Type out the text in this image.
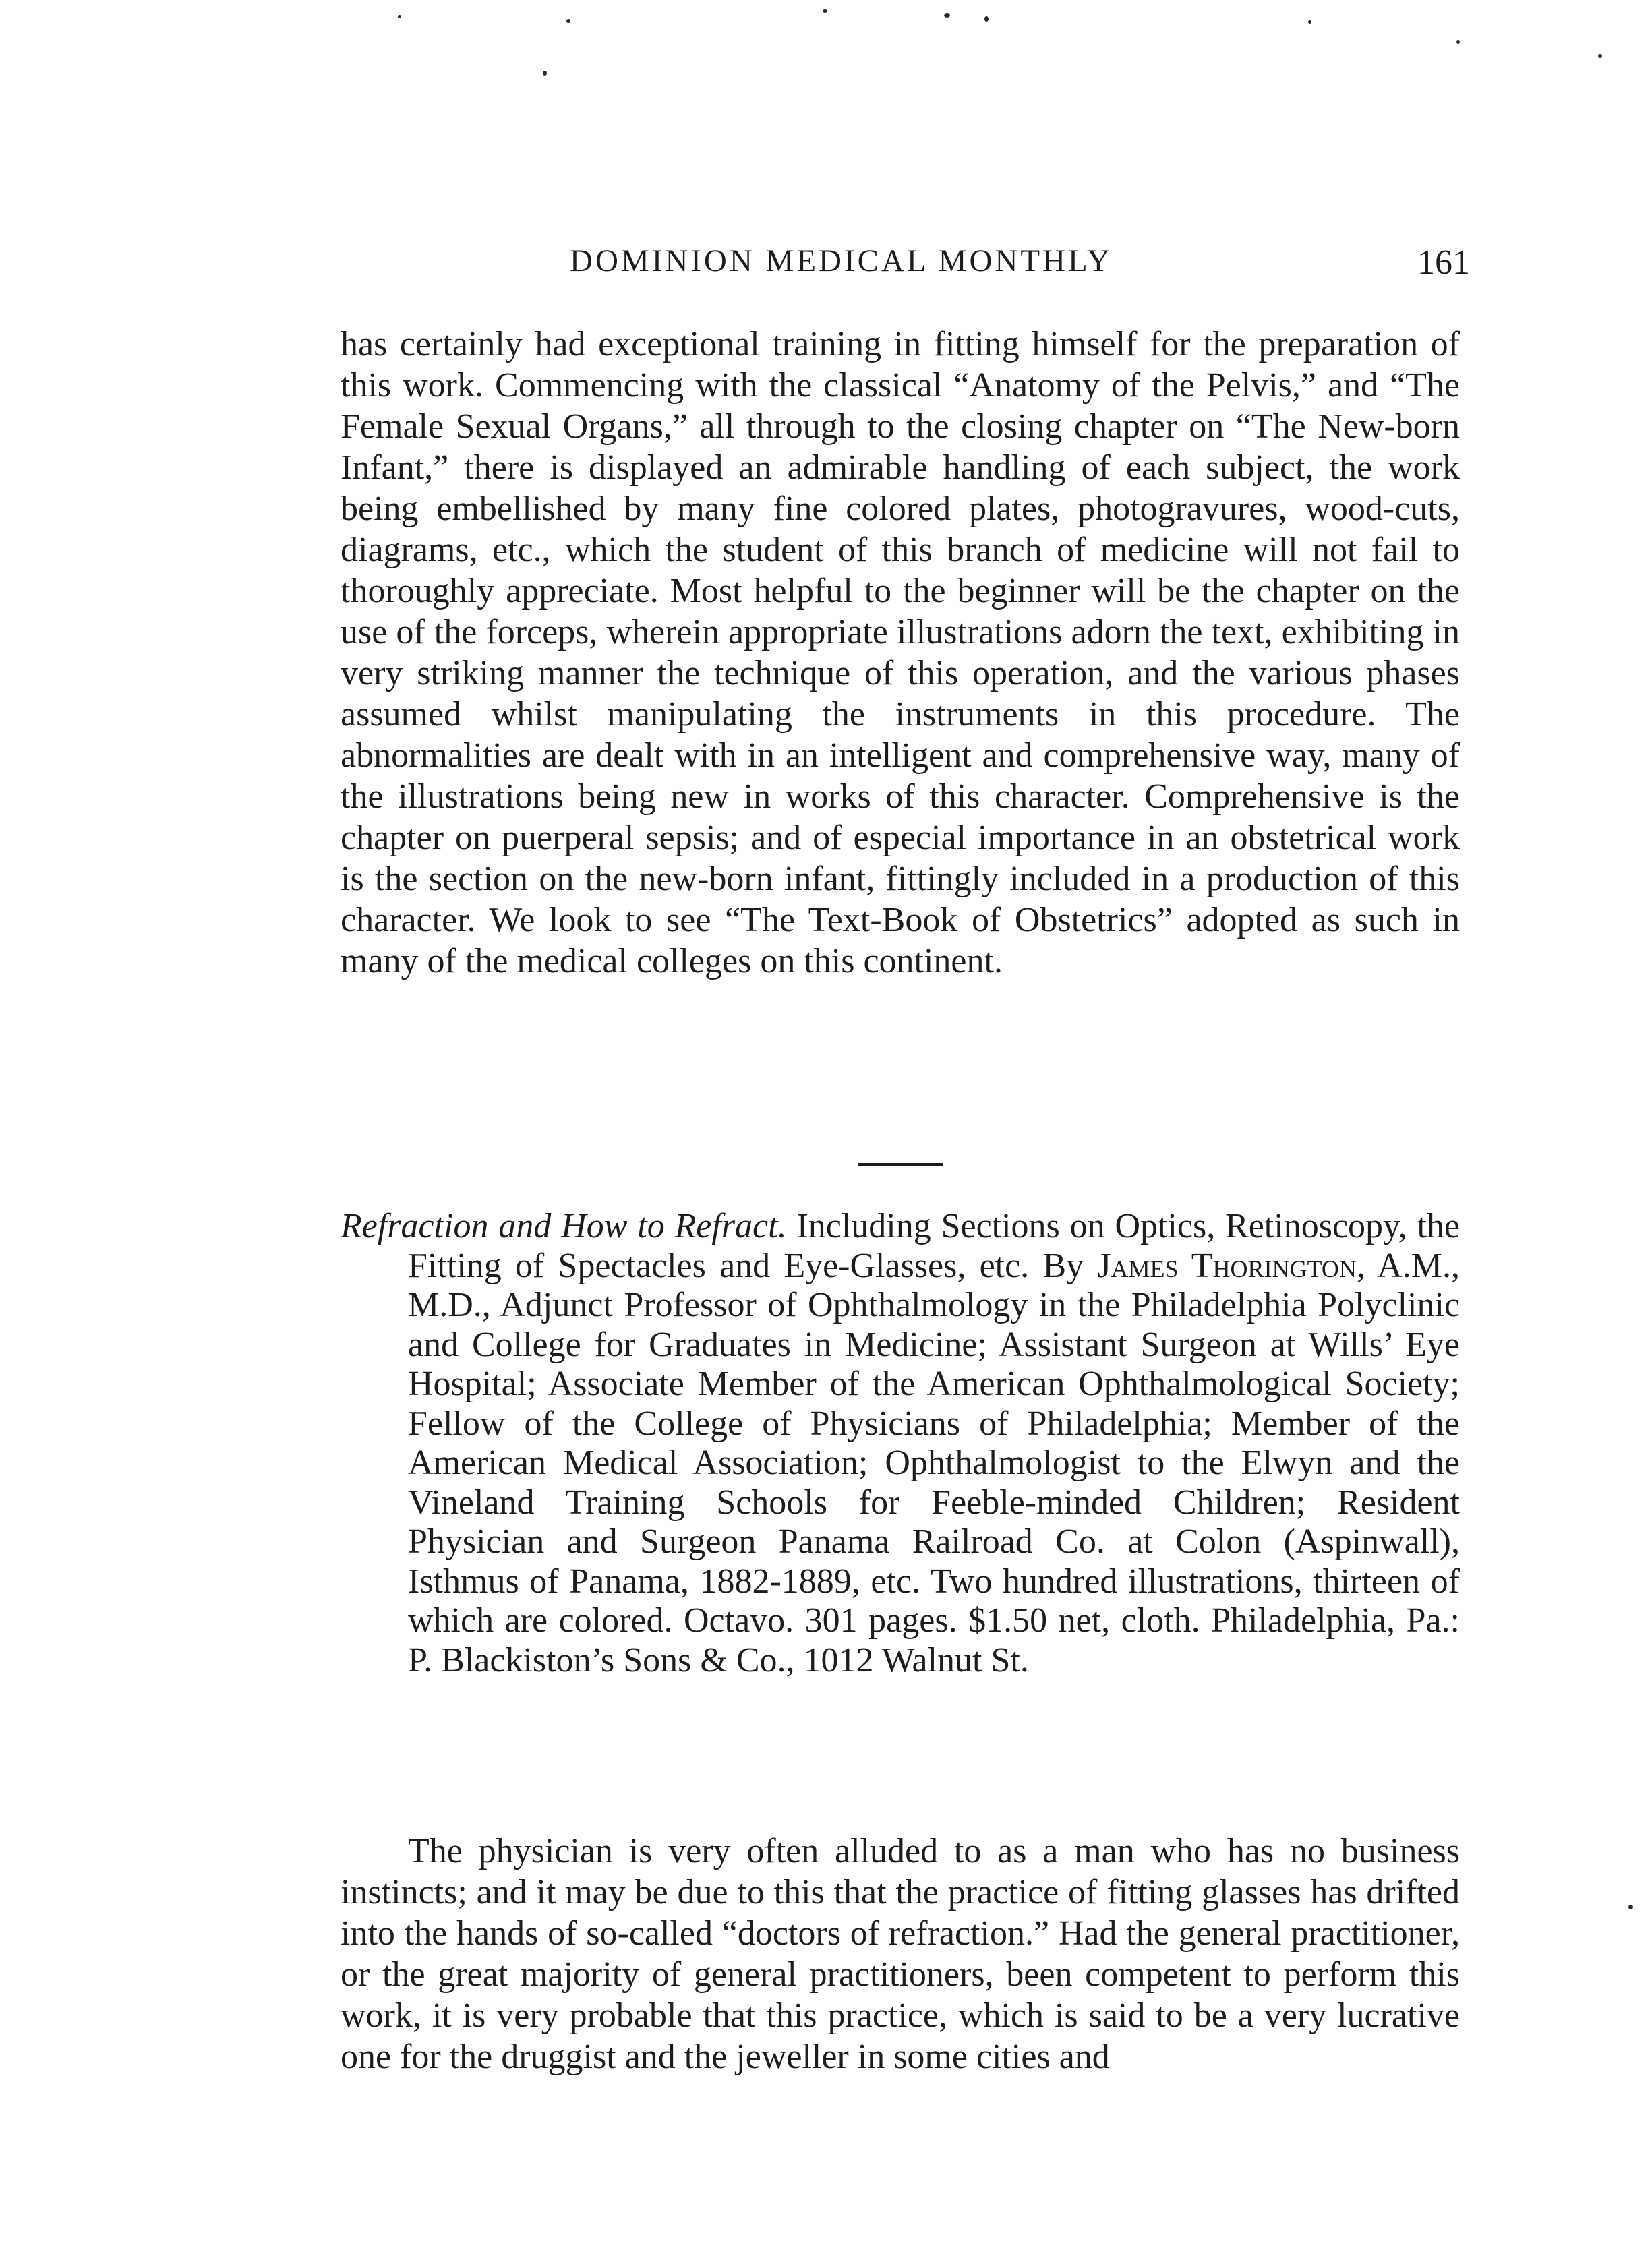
DOMINION MEDICAL MONTHLY	161
has certainly had exceptional training in fitting himself for the preparation of this work. Commencing with the classical “Anatomy of the Pelvis,” and “The Female Sexual Organs,” all through to the closing chapter on “The New-born Infant,” there is displayed an admirable handling of each subject, the work being embellished by many fine colored plates, photogravures, wood-cuts, diagrams, etc., which the student of this branch of medicine will not fail to thoroughly appreciate. Most helpful to the beginner will be the chapter on the use of the forceps, wherein appropriate illustrations adorn the text, exhibiting in very striking manner the technique of this operation, and the various phases assumed whilst manipulating the instruments in this procedure. The abnormalities are dealt with in an intelligent and comprehensive way, many of the illustrations being new in works of this character. Comprehensive is the chapter on puerperal sepsis; and of especial importance in an obstetrical work is the section on the new-born infant, fittingly included in a production of this character. We look to see “The Text-Book of Obstetrics” adopted as such in many of the medical colleges on this continent.

Refraction and How to Refract. Including Sections on Optics, Retinoscopy, the Fitting of Spectacles and Eye-Glasses, etc. By James Thorington, A.M., M.D., Adjunct Professor of Ophthalmology in the Philadelphia Polyclinic and College for Graduates in Medicine; Assistant Surgeon at Wills’ Eye Hospital; Associate Member of the American Ophthalmological Society; Fellow of the College of Physicians of Philadelphia; Member of the American Medical Association; Ophthalmologist to the Elwyn and the Vineland Training Schools for Feeble-minded Children; Resident Physician and Surgeon Panama Railroad Co. at Colon (Aspinwall), Isthmus of Panama, 1882-1889, etc. Two hundred illustrations, thirteen of which are colored. Octavo. 301 pages. $1.50 net, cloth. Philadelphia, Pa.: P. Blackiston’s Sons & Co., 1012 Walnut St.

The physician is very often alluded to as a man who has no business instincts; and it may be due to this that the practice of fitting glasses has drifted into the hands of so-called “doctors of refraction.” Had the general practitioner, or the great majority of general practitioners, been competent to perform this work, it is very probable that this practice, which is said to be a very lucrative one for the druggist and the jeweller in some cities and
